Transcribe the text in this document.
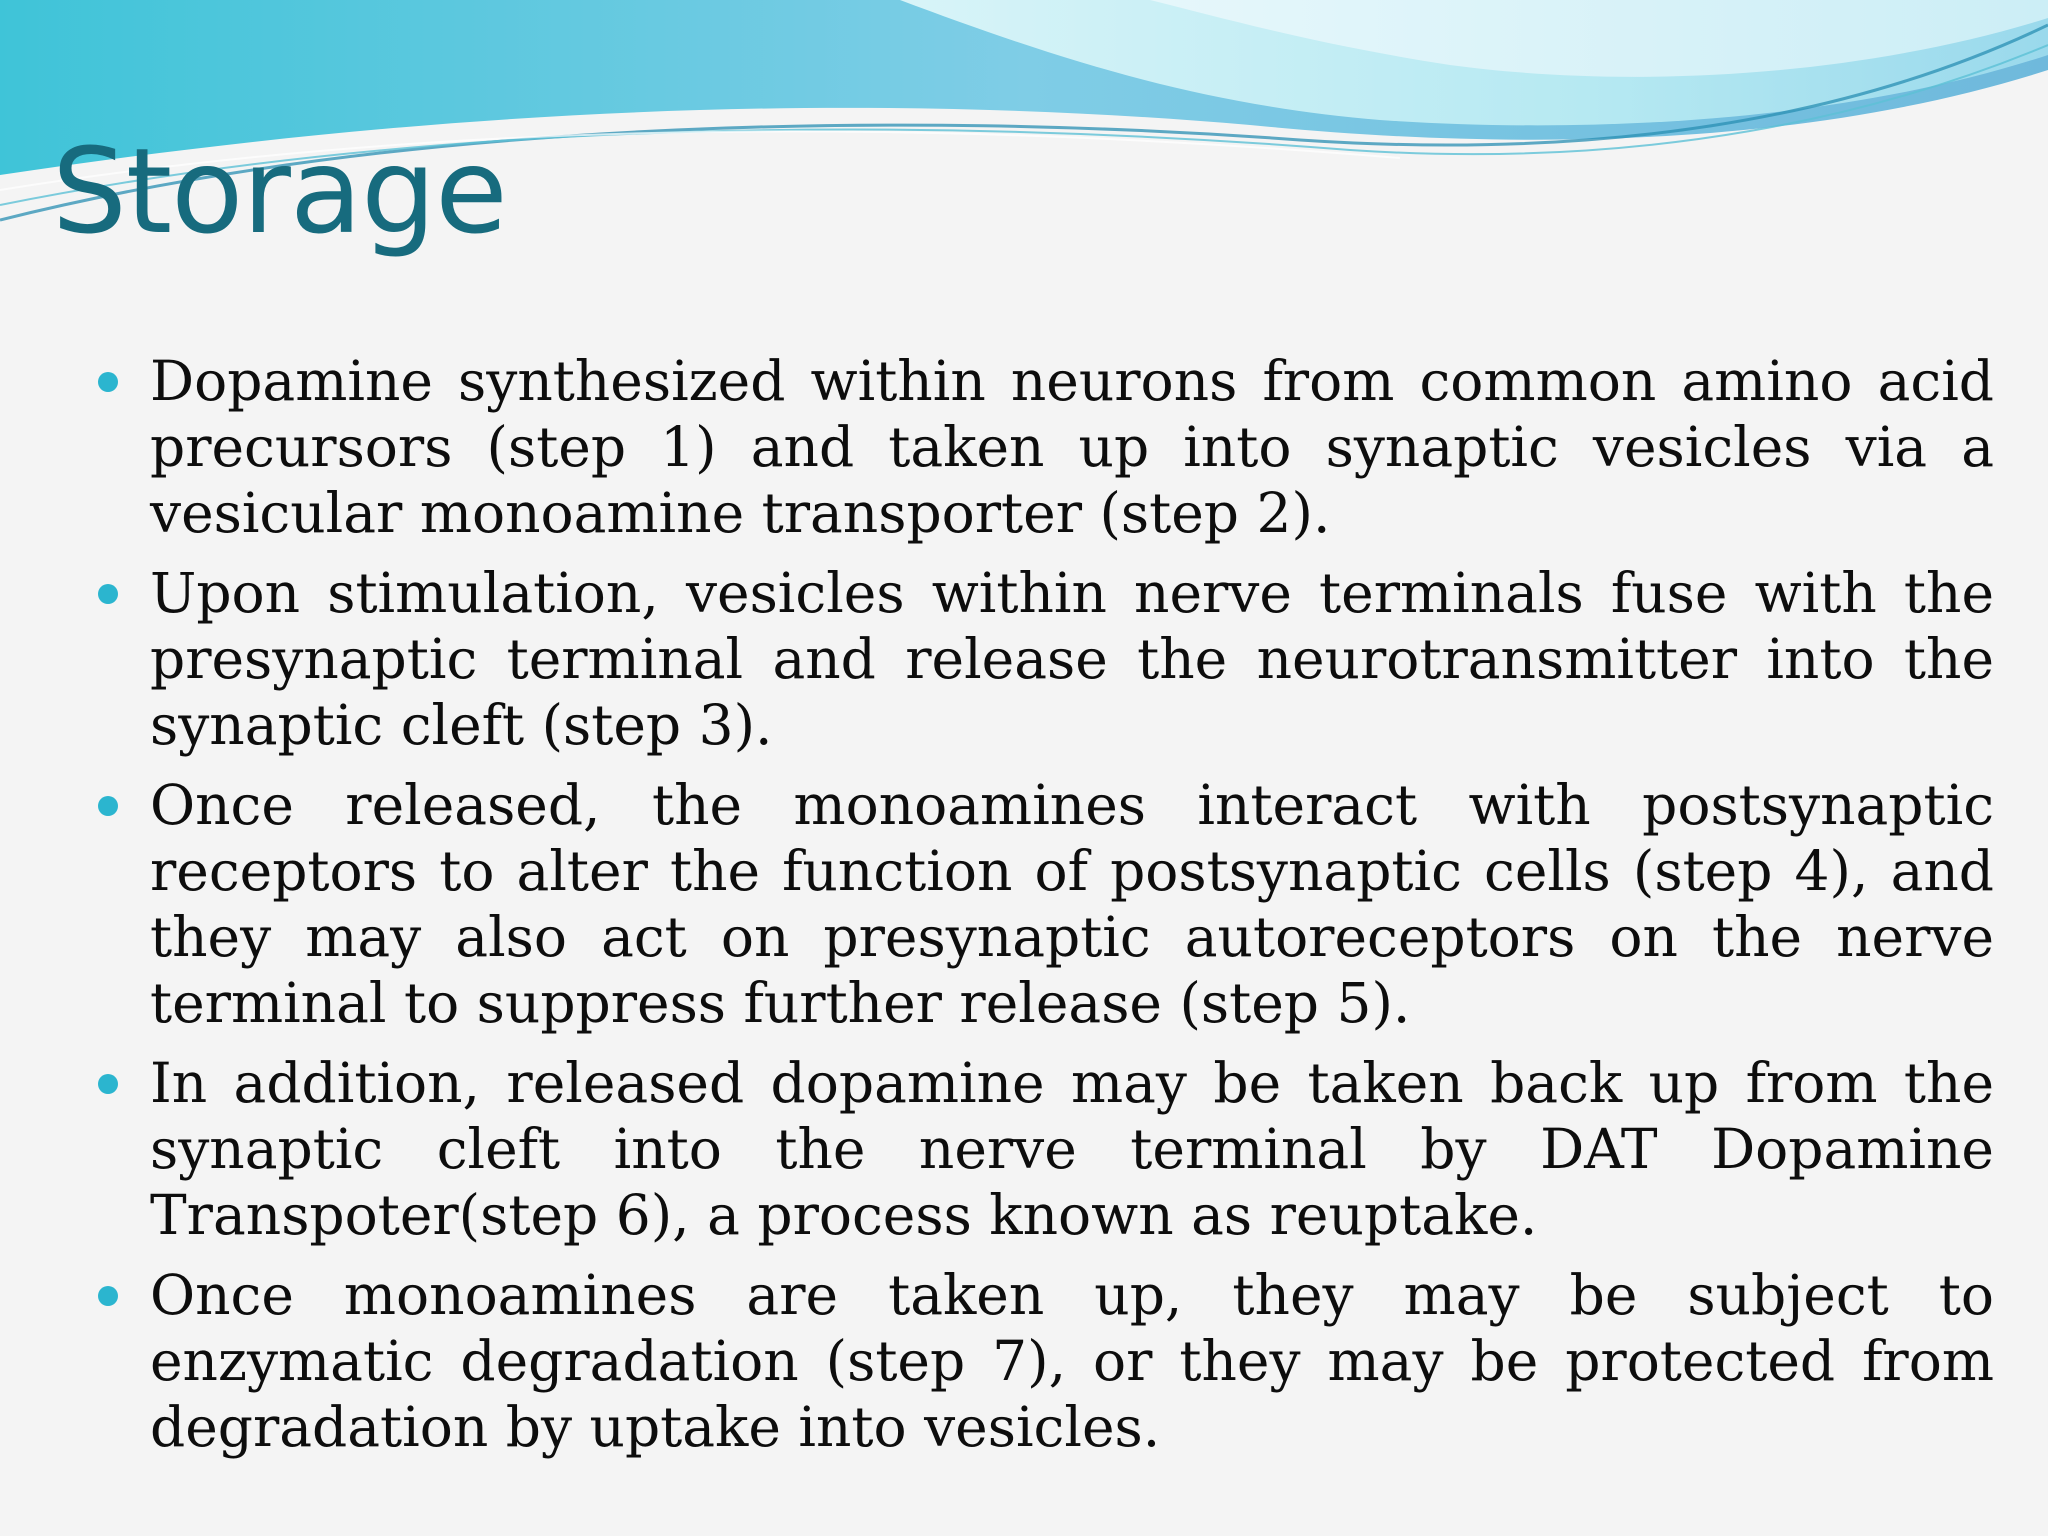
Storage
Dopamine synthesized within neurons from common amino acid precursors (step 1) and taken up into synaptic vesicles via a vesicular monoamine transporter (step 2).
Upon stimulation, vesicles within nerve terminals fuse with the presynaptic terminal and release the neurotransmitter into the synaptic cleft (step 3).
Once released, the monoamines interact with postsynaptic receptors to alter the function of postsynaptic cells (step 4), and they may also act on presynaptic autoreceptors on the nerve terminal to suppress further release (step 5).
In addition, released dopamine may be taken back up from the synaptic cleft into the nerve terminal by DAT Dopamine Transpoter(step 6), a process known as reuptake.
Once monoamines are taken up, they may be subject to enzymatic degradation (step 7), or they may be protected from degradation by uptake into vesicles.
